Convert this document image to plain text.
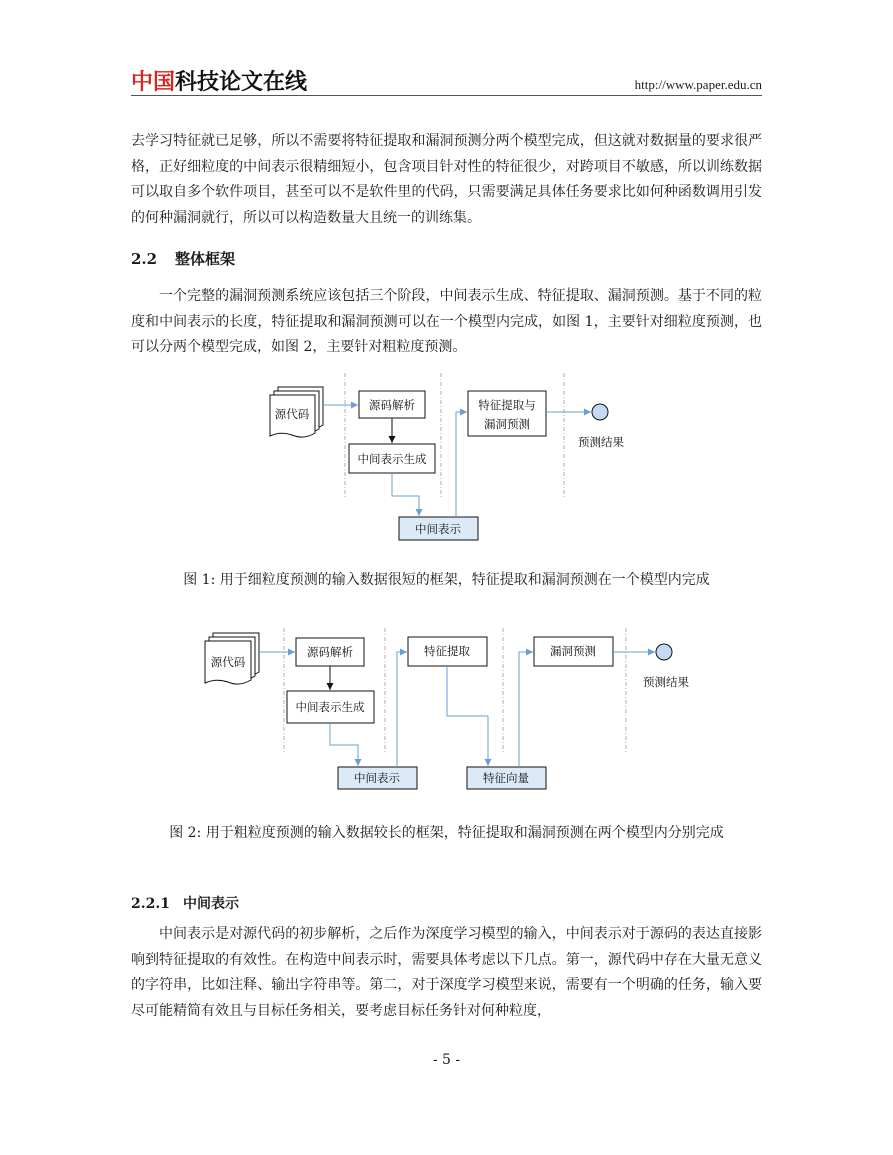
中国科技论文在线	http://www.paper.edu.cn

去学习特征就已足够，所以不需要将特征提取和漏洞预测分两个模型完成，但这就对数据量的要求很严格，正好细粒度的中间表示很精细短小，包含项目针对性的特征很少，对跨项目不敏感，所以训练数据可以取自多个软件项目，甚至可以不是软件里的代码，只需要满足具体任务要求比如何种函数调用引发的何种漏洞就行，所以可以构造数量大且统一的训练集。

2.2 整体框架

一个完整的漏洞预测系统应该包括三个阶段，中间表示生成、特征提取、漏洞预测。基于不同的粒度和中间表示的长度，特征提取和漏洞预测可以在一个模型内完成，如图 1，主要针对细粒度预测，也可以分两个模型完成，如图 2，主要针对粗粒度预测。

源代码
源码解析
中间表示生成
中间表示
特征提取与
漏洞预测
预测结果
源代码
源码解析
中间表示生成
中间表示
特征提取
特征向量
漏洞预测
预测结果

图 1: 用于细粒度预测的输入数据很短的框架，特征提取和漏洞预测在一个模型内完成

图 2: 用于粗粒度预测的输入数据较长的框架，特征提取和漏洞预测在两个模型内分别完成

2.2.1 中间表示

中间表示是对源代码的初步解析，之后作为深度学习模型的输入，中间表示对于源码的表达直接影响到特征提取的有效性。在构造中间表示时，需要具体考虑以下几点。第一，源代码中存在大量无意义的字符串，比如注释、输出字符串等。第二，对于深度学习模型来说，需要有一个明确的任务，输入要尽可能精简有效且与目标任务相关，要考虑目标任务针对何种粒度，

- 5 -
